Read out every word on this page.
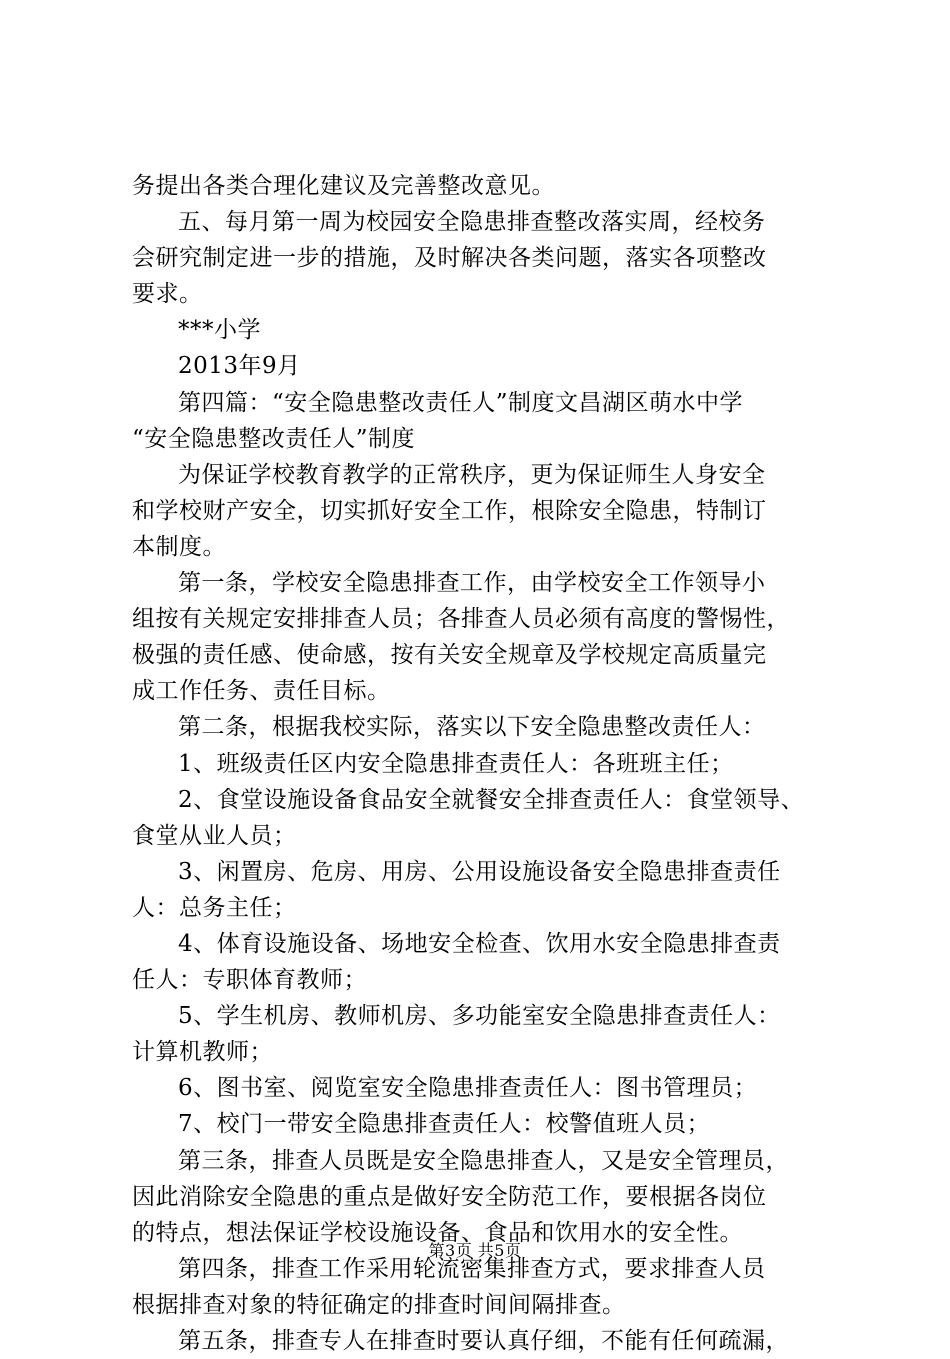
务提出各类合理化建议及完善整改意见。
五、每月第一周为校园安全隐患排查整改落实周，经校务
会研究制定进一步的措施，及时解决各类问题，落实各项整改
要求。
***小学
2013年9月
第四篇：“安全隐患整改责任人”制度文昌湖区萌水中学
“安全隐患整改责任人”制度
为保证学校教育教学的正常秩序，更为保证师生人身安全
和学校财产安全，切实抓好安全工作，根除安全隐患，特制订
本制度。
第一条，学校安全隐患排查工作，由学校安全工作领导小
组按有关规定安排排查人员；各排查人员必须有高度的警惕性，
极强的责任感、使命感，按有关安全规章及学校规定高质量完
成工作任务、责任目标。
第二条，根据我校实际，落实以下安全隐患整改责任人：
1、班级责任区内安全隐患排查责任人：各班班主任；
2、食堂设施设备食品安全就餐安全排查责任人：食堂领导、
食堂从业人员；
3、闲置房、危房、用房、公用设施设备安全隐患排查责任
人：总务主任；
4、体育设施设备、场地安全检查、饮用水安全隐患排查责
任人：专职体育教师；
5、学生机房、教师机房、多功能室安全隐患排查责任人：
计算机教师；
6、图书室、阅览室安全隐患排查责任人：图书管理员；
7、校门一带安全隐患排查责任人：校警值班人员；
第三条，排查人员既是安全隐患排查人，又是安全管理员，
因此消除安全隐患的重点是做好安全防范工作，要根据各岗位
的特点，想法保证学校设施设备、食品和饮用水的安全性。
第四条，排查工作采用轮流密集排查方式，要求排查人员
根据排查对象的特征确定的排查时间间隔排查。
第五条，排查专人在排查时要认真仔细，不能有任何疏漏，
第3页 共5页
